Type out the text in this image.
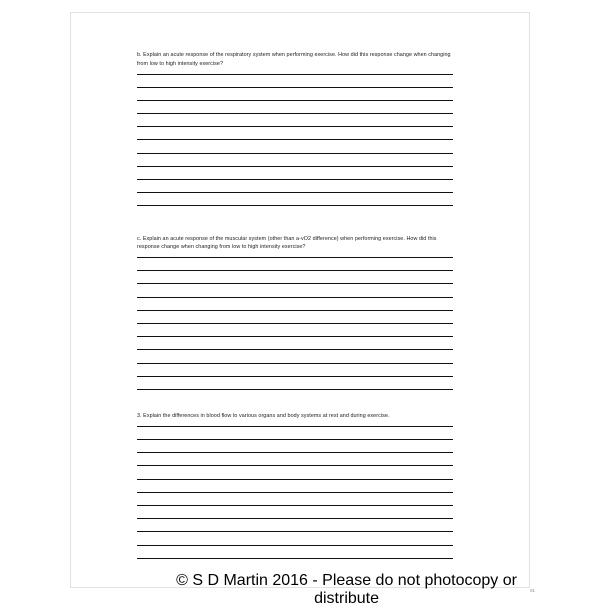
b. Explain an acute response of the respiratory system when performing exercise. How did this response change when changing from low to high intensity exercise?

c. Explain an acute response of the muscular system (other than a-vO2 difference) when performing exercise. How did this response change when changing from low to high intensity exercise?

3. Explain the differences in blood flow to various organs and body systems at rest and during exercise.

© S D Martin 2016 - Please do not photocopy or distribute	81
